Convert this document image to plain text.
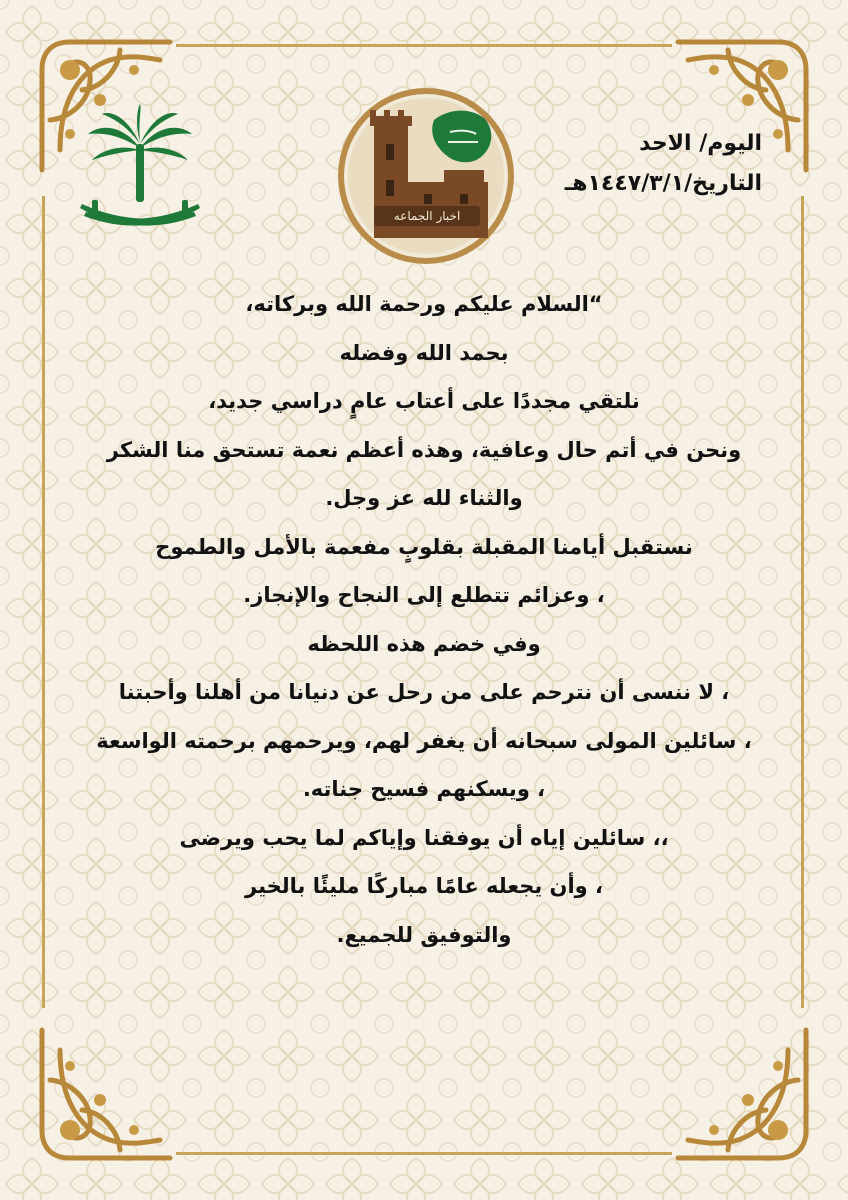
اخبار الجماعه
اليوم/ الاحد
التاريخ/١٤٤٧/٣/١هـ
“السلام عليكم ورحمة الله وبركاته،
بحمد الله وفضله
نلتقي مجددًا على أعتاب عامٍ دراسي جديد،
ونحن في أتم حال وعافية، وهذه أعظم نعمة تستحق منا الشكر
والثناء لله عز وجل.
نستقبل أيامنا المقبلة بقلوبٍ مفعمة بالأمل والطموح
، وعزائم تتطلع إلى النجاح والإنجاز.
وفي خضم هذه اللحظه
، لا ننسى أن نترحم على من رحل عن دنيانا من أهلنا وأحبتنا
، سائلين المولى سبحانه أن يغفر لهم، ويرحمهم برحمته الواسعة
، ويسكنهم فسيح جناته.
،، سائلين إياه أن يوفقنا وإياكم لما يحب ويرضى
، وأن يجعله عامًا مباركًا مليئًا بالخير
والتوفيق للجميع.
